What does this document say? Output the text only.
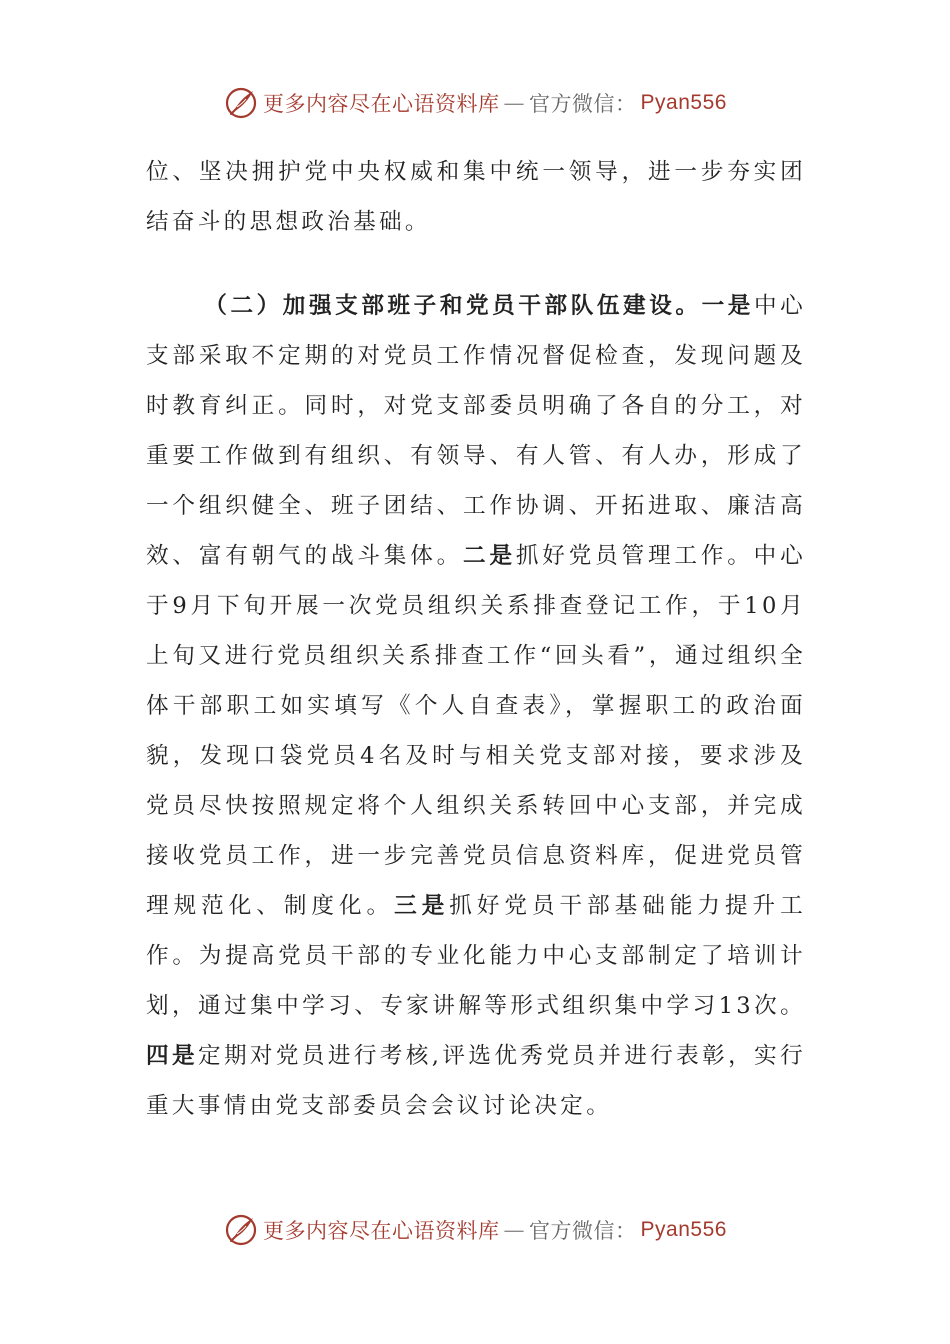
更多内容尽在心语资料库 — 官方微信： Pyan556

位、坚决拥护党中央权威和集中统一领导，进一步夯实团结奋斗的思想政治基础。

（二）加强支部班子和党员干部队伍建设。一是中心支部采取不定期的对党员工作情况督促检查，发现问题及时教育纠正。同时，对党支部委员明确了各自的分工，对重要工作做到有组织、有领导、有人管、有人办，形成了一个组织健全、班子团结、工作协调、开拓进取、廉洁高效、富有朝气的战斗集体。二是抓好党员管理工作。中心于9月下旬开展一次党员组织关系排查登记工作，于10月上旬又进行党员组织关系排查工作“回头看”，通过组织全体干部职工如实填写《个人自查表》，掌握职工的政治面貌，发现口袋党员4名及时与相关党支部对接，要求涉及党员尽快按照规定将个人组织关系转回中心支部，并完成接收党员工作，进一步完善党员信息资料库，促进党员管理规范化、制度化。三是抓好党员干部基础能力提升工作。为提高党员干部的专业化能力中心支部制定了培训计划，通过集中学习、专家讲解等形式组织集中学习13次。四是定期对党员进行考核,评选优秀党员并进行表彰，实行重大事情由党支部委员会会议讨论决定。

更多内容尽在心语资料库 — 官方微信： Pyan556
